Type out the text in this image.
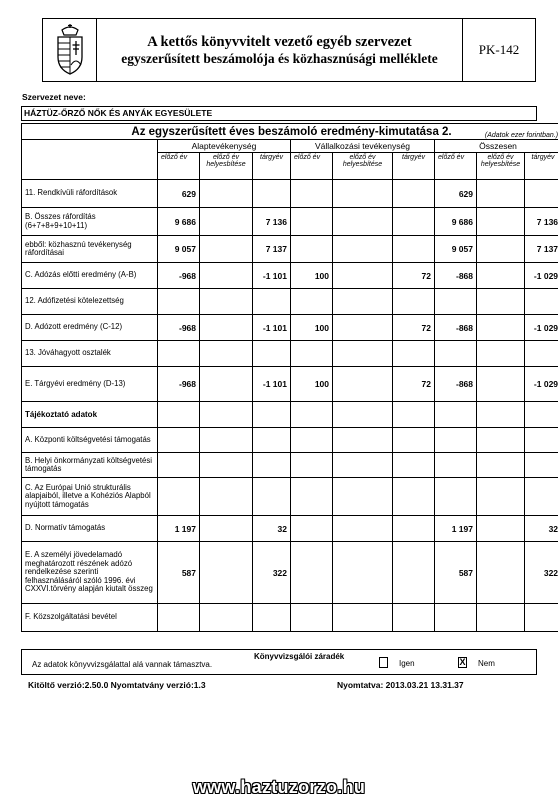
A kettős könyvvitelt vezető egyéb szervezet
egyszerűsített beszámolója és közhasznúsági melléklete
PK-142
Szervezet neve:
HÁZTÜZ-ŐRZŐ NŐK ÉS ANYÁK EGYESÜLETE
Az egyszerűsített éves beszámoló eredmény-kimutatása 2. (Adatok ezer forintban.)									

	Alaptevékenység			Vállalkozási tevékenység			Összesen		
	előző év	előző év helyesbítése	tárgyév	előző év	előző év helyesbítése	tárgyév	előző év	előző év helyesbítése	tárgyév
11. Rendkívüli ráfordítások	629						629		
B. Összes ráfordítás (6+7+8+9+10+11)	9 686		7 136				9 686		7 136
ebből: közhasznú tevékenység ráfordításai	9 057		7 137				9 057		7 137
C. Adózás előtti eredmény (A-B)	-968		-1 101	100		72	-868		-1 029
12. Adófizetési kötelezettség									
D. Adózott eredmény (C-12)	-968		-1 101	100		72	-868		-1 029
13. Jóváhagyott osztalék									
E. Tárgyévi eredmény (D-13)	-968		-1 101	100		72	-868		-1 029
Tájékoztató adatok									
A. Központi költségvetési támogatás									
B. Helyi önkormányzati költségvetési támogatás									
C. Az Európai Unió strukturális alapjaiból, illetve a Kohéziós Alapból nyújtott támogatás									
D. Normatív támogatás	1 197		32				1 197		32
E. A személyi jövedelamadó meghatározott részének adózó rendelkezése szerinti felhasználásáról szóló 1996. évi CXXVI.törvény alapján kiutalt összeg	587		322				587		322
F. Közszolgáltatási bevétel									
Az adatok könyvvizsgálattal alá vannak támasztva.
Könyvvizsgálói záradék
Igen	X Nem
Kitöltő verzió:2.50.0 Nyomtatvány verzió:1.3	Nyomtatva: 2013.03.21 13.31.37
www.haztuzorzo.hu
